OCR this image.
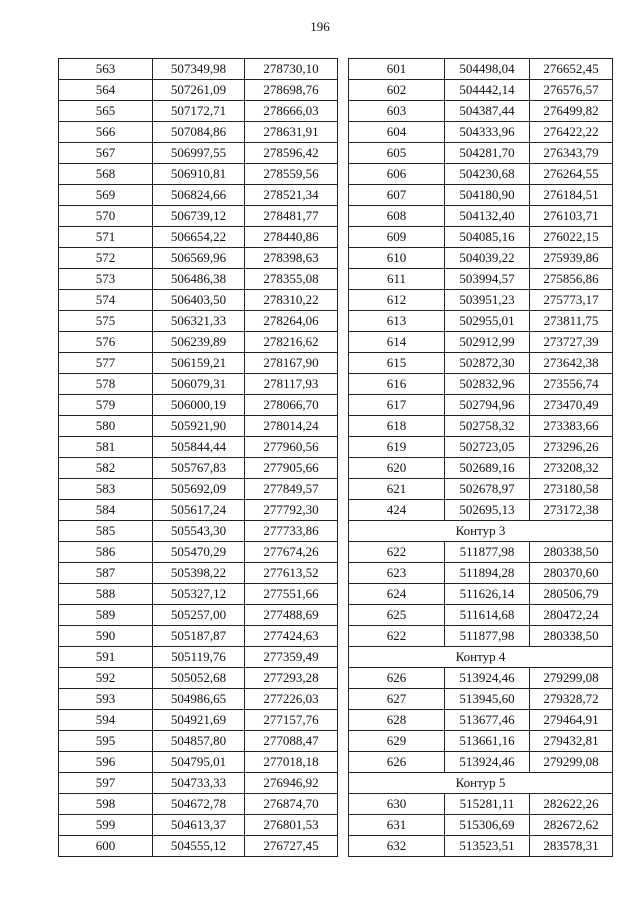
196
563	507349,98	278730,10
564	507261,09	278698,76
565	507172,71	278666,03
566	507084,86	278631,91
567	506997,55	278596,42
568	506910,81	278559,56
569	506824,66	278521,34
570	506739,12	278481,77
571	506654,22	278440,86
572	506569,96	278398,63
573	506486,38	278355,08
574	506403,50	278310,22
575	506321,33	278264,06
576	506239,89	278216,62
577	506159,21	278167,90
578	506079,31	278117,93
579	506000,19	278066,70
580	505921,90	278014,24
581	505844,44	277960,56
582	505767,83	277905,66
583	505692,09	277849,57
584	505617,24	277792,30
585	505543,30	277733,86
586	505470,29	277674,26
587	505398,22	277613,52
588	505327,12	277551,66
589	505257,00	277488,69
590	505187,87	277424,63
591	505119,76	277359,49
592	505052,68	277293,28
593	504986,65	277226,03
594	504921,69	277157,76
595	504857,80	277088,47
596	504795,01	277018,18
597	504733,33	276946,92
598	504672,78	276874,70
599	504613,37	276801,53
600	504555,12	276727,45
601	504498,04	276652,45
602	504442,14	276576,57
603	504387,44	276499,82
604	504333,96	276422,22
605	504281,70	276343,79
606	504230,68	276264,55
607	504180,90	276184,51
608	504132,40	276103,71
609	504085,16	276022,15
610	504039,22	275939,86
611	503994,57	275856,86
612	503951,23	275773,17
613	502955,01	273811,75
614	502912,99	273727,39
615	502872,30	273642,38
616	502832,96	273556,74
617	502794,96	273470,49
618	502758,32	273383,66
619	502723,05	273296,26
620	502689,16	273208,32
621	502678,97	273180,58
424	502695,13	273172,38
Контур 3		
622	511877,98	280338,50
623	511894,28	280370,60
624	511626,14	280506,79
625	511614,68	280472,24
622	511877,98	280338,50
Контур 4		
626	513924,46	279299,08
627	513945,60	279328,72
628	513677,46	279464,91
629	513661,16	279432,81
626	513924,46	279299,08
Контур 5		
630	515281,11	282622,26
631	515306,69	282672,62
632	513523,51	283578,31
